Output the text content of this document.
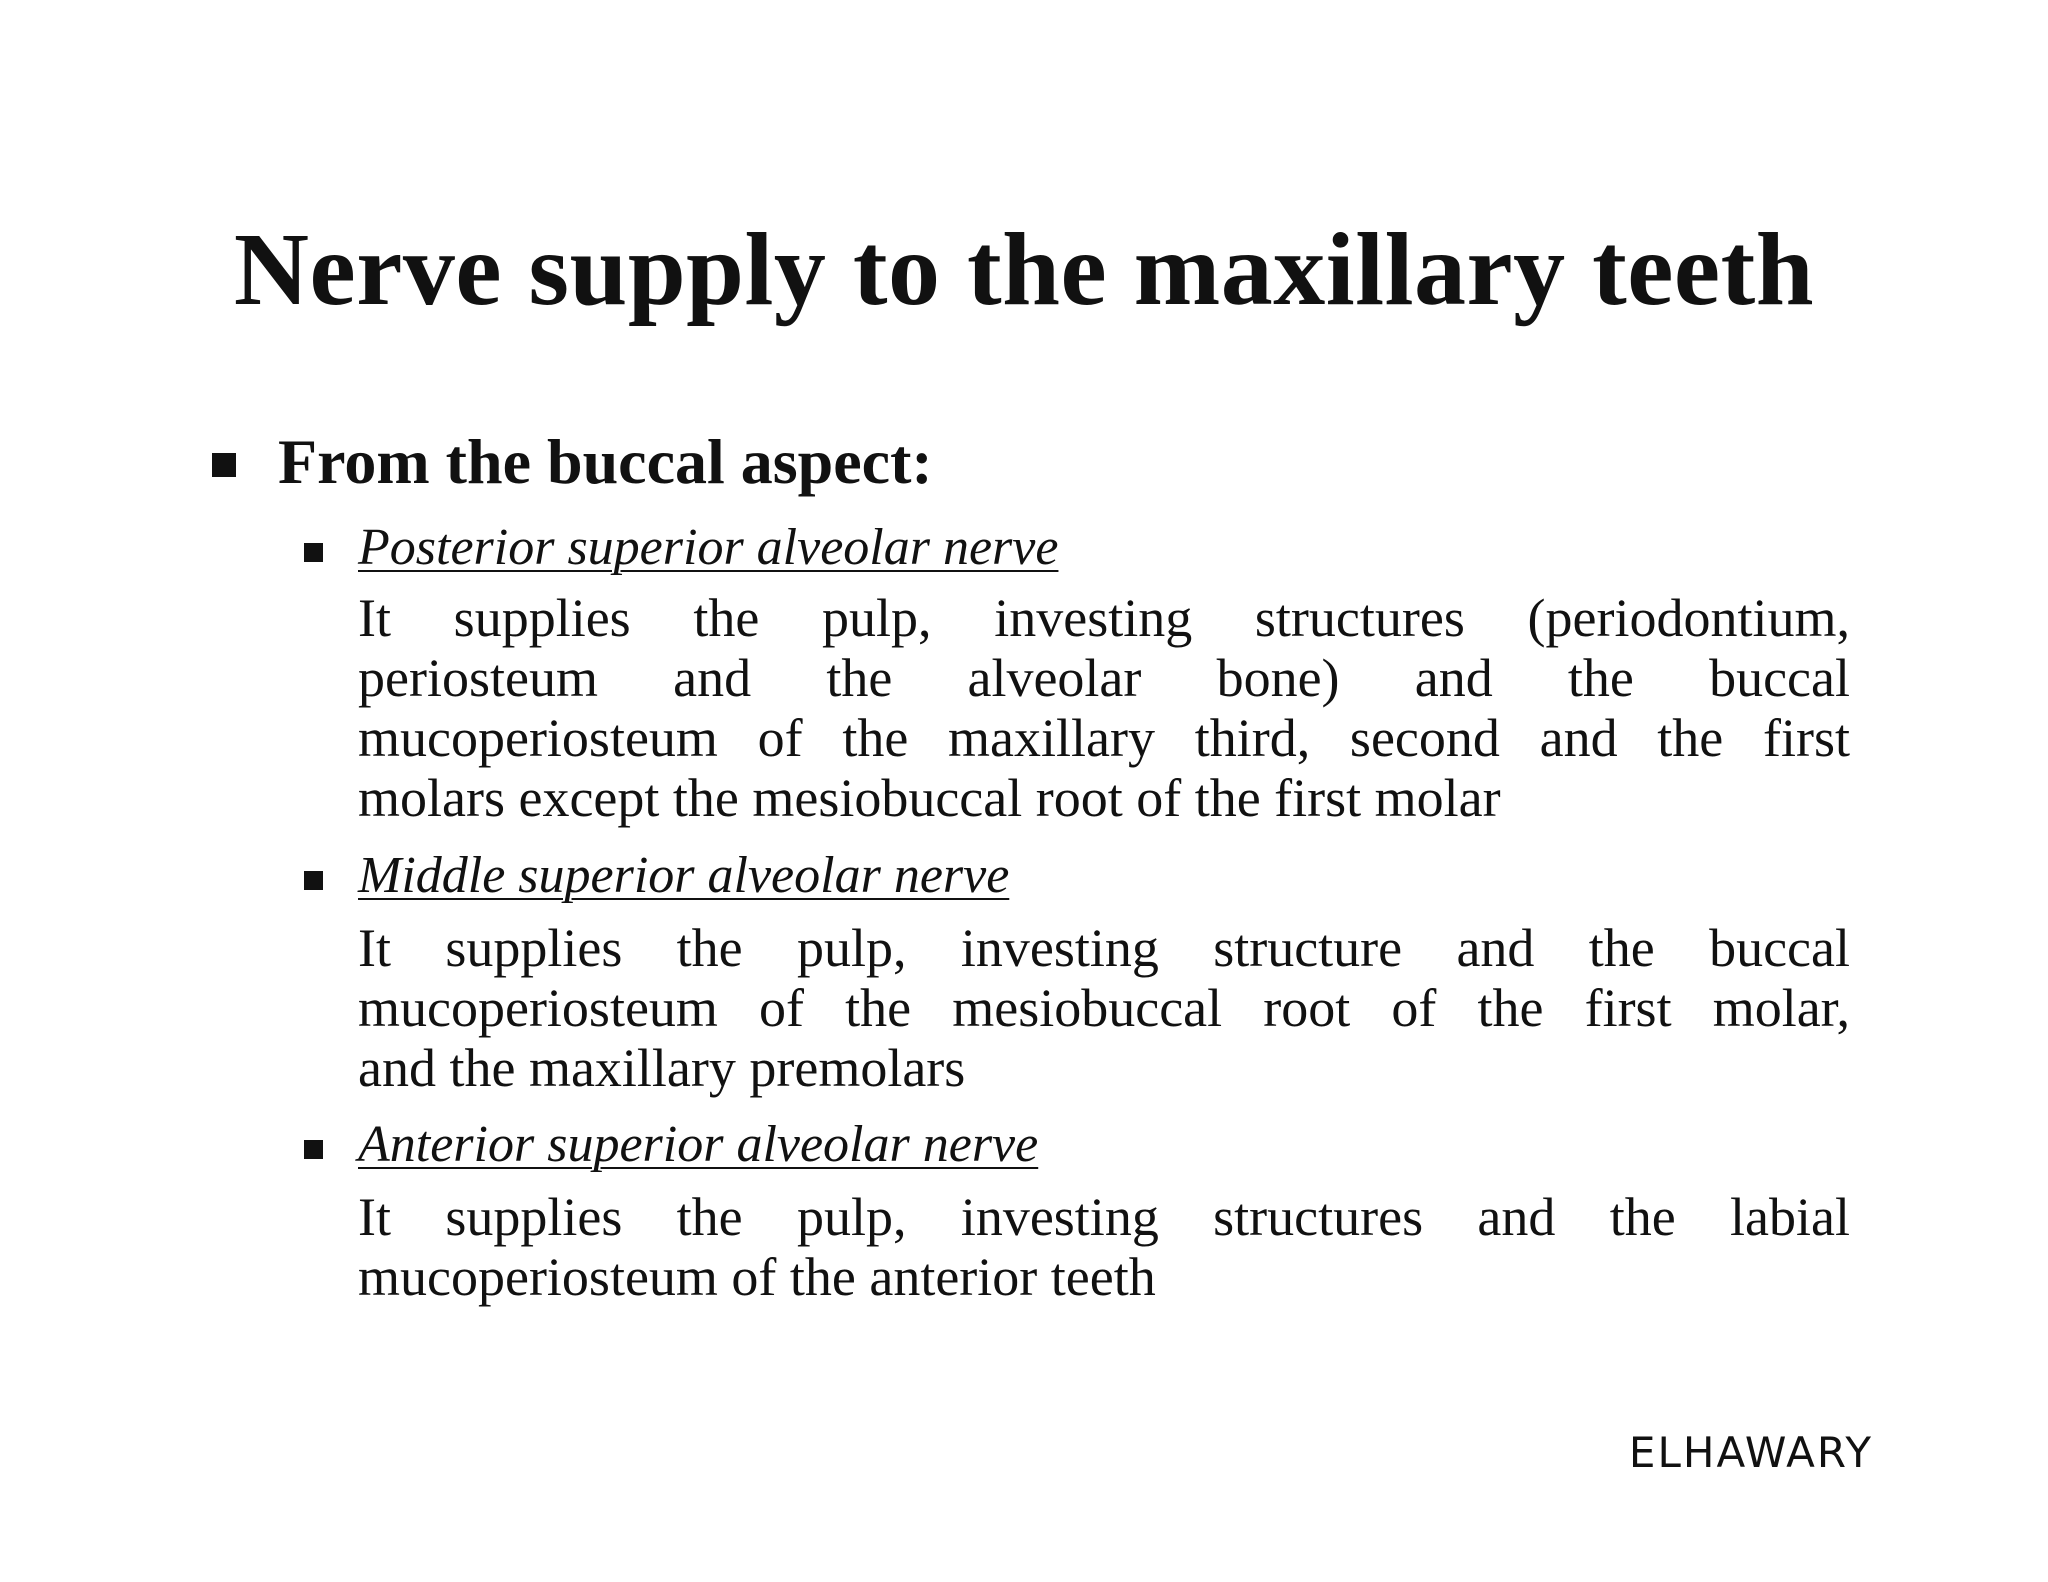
Nerve supply to the maxillary teeth
From the buccal aspect:
Posterior superior alveolar nerve
It supplies the pulp, investing structures (periodontium,
periosteum and the alveolar bone) and the buccal
mucoperiosteum of the maxillary third, second and the first
molars except the mesiobuccal root of the first molar
Middle superior alveolar nerve
It supplies the pulp, investing structure and the buccal
mucoperiosteum of the mesiobuccal root of the first molar,
and the maxillary premolars
Anterior superior alveolar nerve
It supplies the pulp, investing structures and the labial
mucoperiosteum of the anterior teeth
ELHAWARY
